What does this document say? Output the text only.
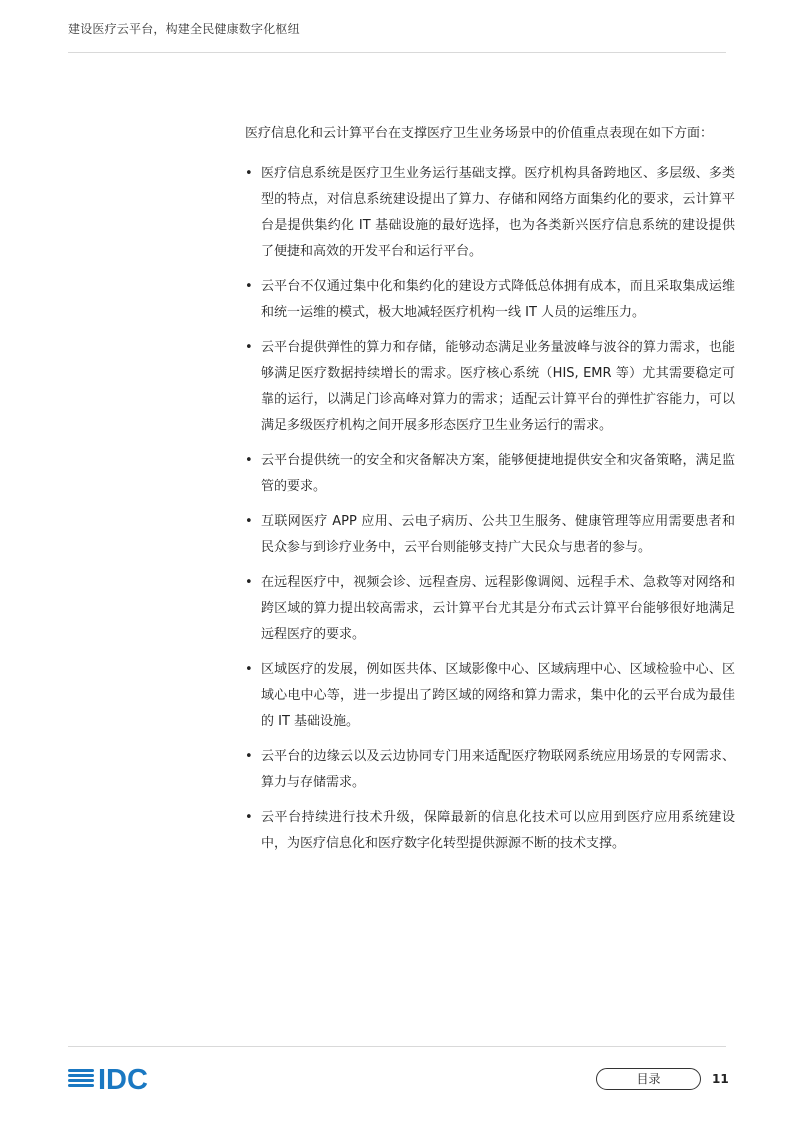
建设医疗云平台，构建全民健康数字化枢纽

医疗信息化和云计算平台在支撑医疗卫生业务场景中的价值重点表现在如下方面：

• 医疗信息系统是医疗卫生业务运行基础支撑。医疗机构具备跨地区、多层级、多类型的特点，对信息系统建设提出了算力、存储和网络方面集约化的要求，云计算平台是提供集约化 IT 基础设施的最好选择，也为各类新兴医疗信息系统的建设提供了便捷和高效的开发平台和运行平台。
• 云平台不仅通过集中化和集约化的建设方式降低总体拥有成本，而且采取集成运维和统一运维的模式，极大地减轻医疗机构一线 IT 人员的运维压力。
• 云平台提供弹性的算力和存储，能够动态满足业务量波峰与波谷的算力需求，也能够满足医疗数据持续增长的需求。医疗核心系统（HIS, EMR 等）尤其需要稳定可靠的运行，以满足门诊高峰对算力的需求；适配云计算平台的弹性扩容能力，可以满足多级医疗机构之间开展多形态医疗卫生业务运行的需求。
• 云平台提供统一的安全和灾备解决方案，能够便捷地提供安全和灾备策略，满足监管的要求。
• 互联网医疗 APP 应用、云电子病历、公共卫生服务、健康管理等应用需要患者和民众参与到诊疗业务中，云平台则能够支持广大民众与患者的参与。
• 在远程医疗中，视频会诊、远程查房、远程影像调阅、远程手术、急救等对网络和跨区域的算力提出较高需求，云计算平台尤其是分布式云计算平台能够很好地满足远程医疗的要求。
• 区域医疗的发展，例如医共体、区域影像中心、区域病理中心、区域检验中心、区域心电中心等，进一步提出了跨区域的网络和算力需求，集中化的云平台成为最佳的 IT 基础设施。
• 云平台的边缘云以及云边协同专门用来适配医疗物联网系统应用场景的专网需求、算力与存储需求。
• 云平台持续进行技术升级，保障最新的信息化技术可以应用到医疗应用系统建设中，为医疗信息化和医疗数字化转型提供源源不断的技术支撑。
IDC	目录	11
